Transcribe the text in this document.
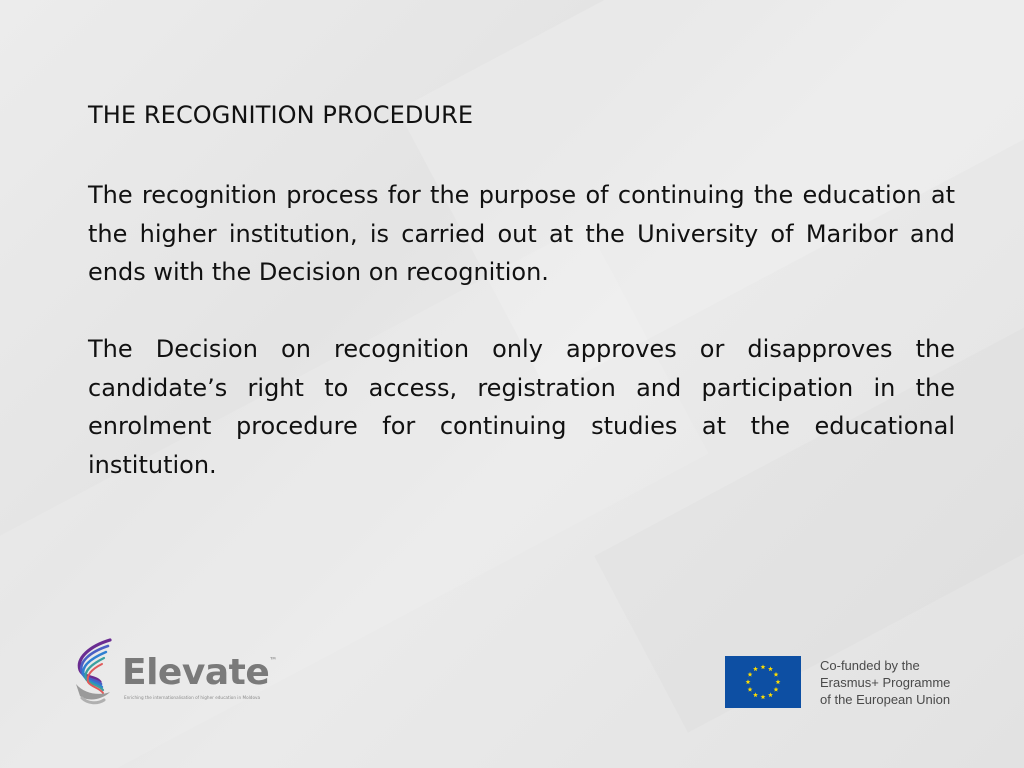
THE RECOGNITION PROCEDURE

The recognition process for the purpose of continuing the education at the higher institution, is carried out at the University of Maribor and ends with the Decision on recognition.

The Decision on recognition only approves or disapproves the candidate’s right to access, registration and participation in the enrolment procedure for continuing studies at the educational institution.

Elevate™
Enriching the internationalisation of higher education in Moldova
Co-funded by the
Erasmus+ Programme
of the European Union
